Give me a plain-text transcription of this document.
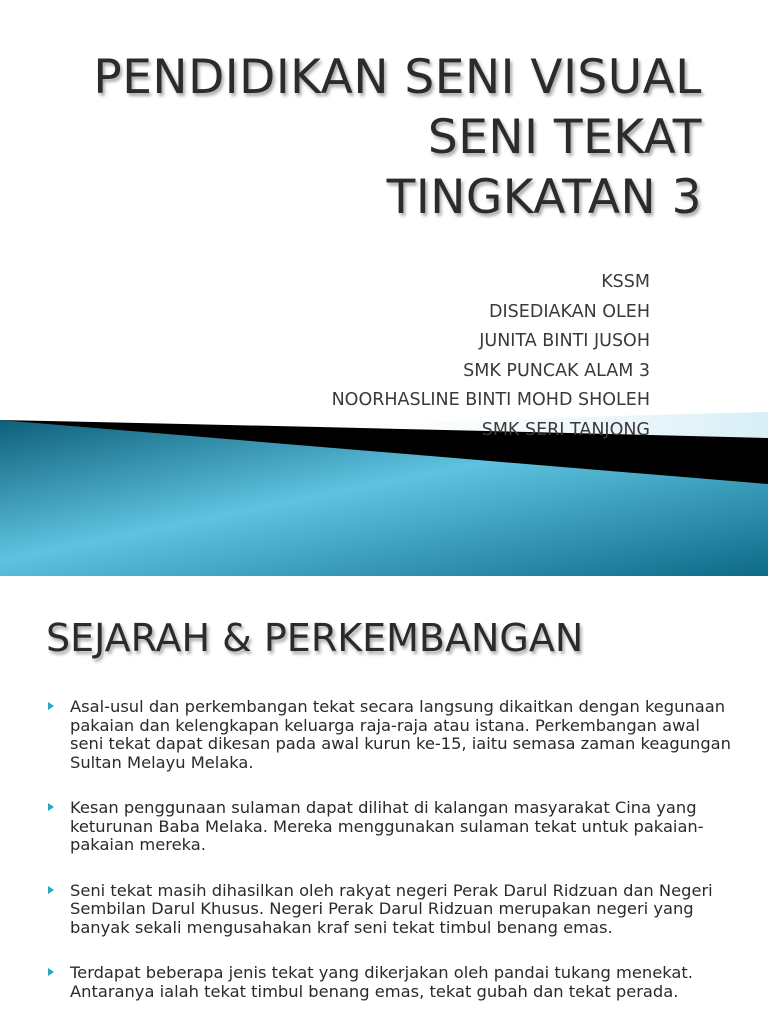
PENDIDIKAN SENI VISUAL
SENI TEKAT
TINGKATAN 3
KSSM
DISEDIAKAN OLEH
JUNITA BINTI JUSOH
SMK PUNCAK ALAM 3
NOORHASLINE BINTI MOHD SHOLEH
SMK SERI TANJONG
SEJARAH & PERKEMBANGAN
Asal-usul dan perkembangan tekat secara langsung dikaitkan dengan kegunaan pakaian dan kelengkapan keluarga raja-raja atau istana. Perkembangan awal seni tekat dapat dikesan pada awal kurun ke-15, iaitu semasa zaman keagungan Sultan Melayu Melaka.
Kesan penggunaan sulaman dapat dilihat di kalangan masyarakat Cina yang keturunan Baba Melaka. Mereka menggunakan sulaman tekat untuk pakaian-pakaian mereka.
Seni tekat masih dihasilkan oleh rakyat negeri Perak Darul Ridzuan dan Negeri Sembilan Darul Khusus. Negeri Perak Darul Ridzuan merupakan negeri yang banyak sekali mengusahakan kraf seni tekat timbul benang emas.
Terdapat beberapa jenis tekat yang dikerjakan oleh pandai tukang menekat. Antaranya ialah tekat timbul benang emas, tekat gubah dan tekat perada.
